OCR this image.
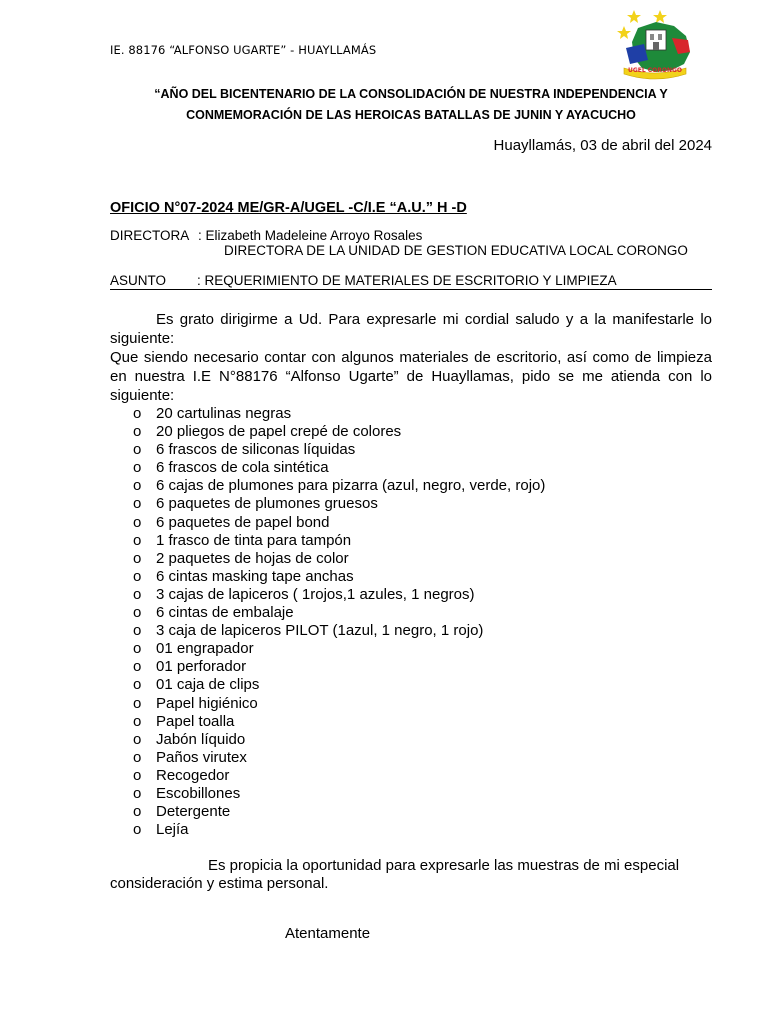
IE. 88176 “ALFONSO UGARTE” - HUAYLLAMÁS
UGEL CORONGO
“AÑO DEL BICENTENARIO DE LA CONSOLIDACIÓN DE NUESTRA INDEPENDENCIA Y
CONMEMORACIÓN DE LAS HEROICAS BATALLAS DE JUNIN Y AYACUCHO
Huayllamás, 03 de abril del 2024
OFICIO N°07-2024 ME/GR-A/UGEL -C/I.E “A.U.” H -D
DIRECTORA : Elizabeth Madeleine Arroyo Rosales
DIRECTORA DE LA UNIDAD DE GESTION EDUCATIVA LOCAL CORONGO
ASUNTO : REQUERIMIENTO DE MATERIALES DE ESCRITORIO Y LIMPIEZA

Es grato dirigirme a Ud. Para expresarle mi cordial saludo y a la manifestarle lo siguiente:

Que siendo necesario contar con algunos materiales de escritorio, así como de limpieza en nuestra I.E N°88176 “Alfonso Ugarte” de Huayllamas, pido se me atienda con lo siguiente:

o 20 cartulinas negras
o 20 pliegos de papel crepé de colores
o 6 frascos de siliconas líquidas
o 6 frascos de cola sintética
o 6 cajas de plumones para pizarra (azul, negro, verde, rojo)
o 6 paquetes de plumones gruesos
o 6 paquetes de papel bond
o 1 frasco de tinta para tampón
o 2 paquetes de hojas de color
o 6 cintas masking tape anchas
o 3 cajas de lapiceros ( 1rojos,1 azules, 1 negros)
o 6 cintas de embalaje
o 3 caja de lapiceros PILOT (1azul, 1 negro, 1 rojo)
o 01 engrapador
o 01 perforador
o 01 caja de clips
o Papel higiénico
o Papel toalla
o Jabón líquido
o Paños virutex
o Recogedor
o Escobillones
o Detergente
o Lejía
Es propicia la oportunidad para expresarle las muestras de mi especial
consideración y estima personal.
Atentamente
